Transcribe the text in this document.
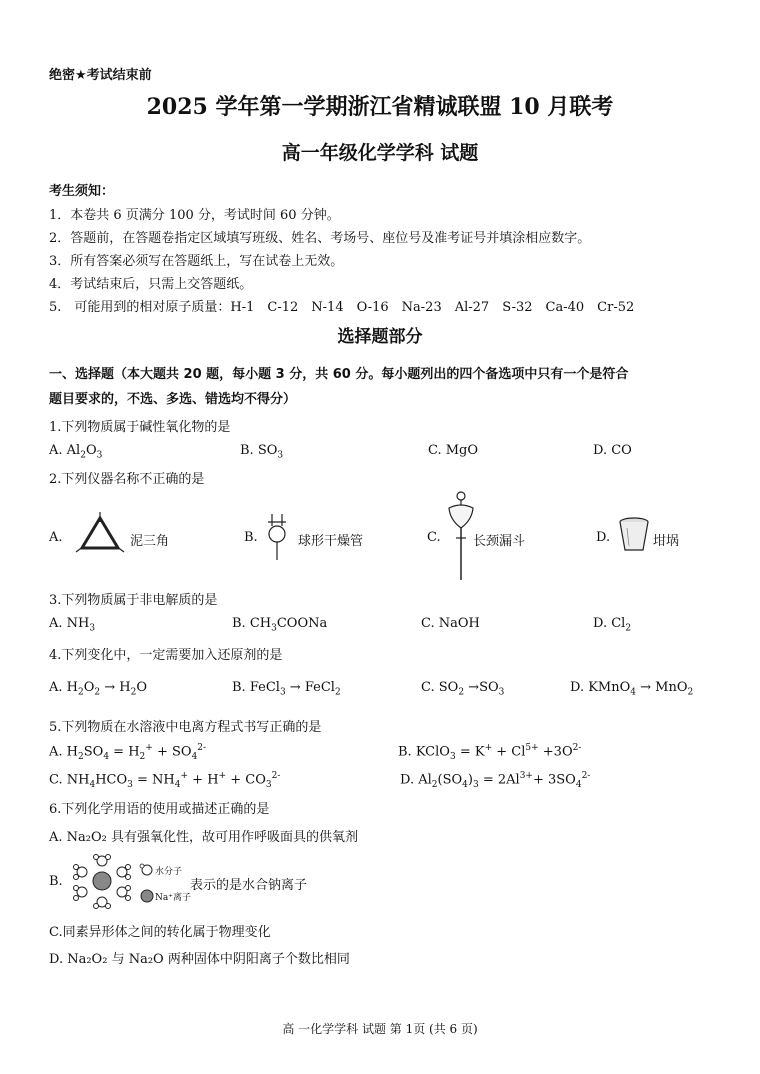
绝密★考试结束前
2025 学年第一学期浙江省精诚联盟 10 月联考
高一年级化学学科 试题
考生须知：
1．本卷共 6 页满分 100 分，考试时间 60 分钟。
2．答题前，在答题卷指定区域填写班级、姓名、考场号、座位号及准考证号并填涂相应数字。
3．所有答案必须写在答题纸上，写在试卷上无效。
4．考试结束后，只需上交答题纸。
5.　可能用到的相对原子质量：H-1　C-12　N-14　O-16　Na-23　Al-27　S-32　Ca-40　Cr-52
选择题部分
一、选择题（本大题共 20 题，每小题 3 分，共 60 分。每小题列出的四个备选项中只有一个是符合
题目要求的，不选、多选、错选均不得分）
1.下列物质属于碱性氧化物的是
A. $Al_2O_3$	B. $SO_3$	C. MgO	D. CO
2.下列仪器名称不正确的是
A.	泥三角	B.	球形干燥管	C. 长颈漏斗	D.	坩埚
3.下列物质属于非电解质的是
A. $NH_3$	B. $CH_3COONa$	C. NaOH	D. $Cl_2$
4.下列变化中，一定需要加入还原剂的是
A. $H_2O_2 \to H_2O$	B. FeCl$_3$ → FeCl$_2$	C. $SO_2 \to SO_3$	D. KMnO$_4$ → MnO$_2$
5.下列物质在水溶液中电离方程式书写正确的是
A. $H_2SO_4 = H_2^+ + SO_4^{2-}$	B. KClO$_3$ = $K^+ + Cl^{5+} +3O^{2-}$
C. $NH_4HCO_3 = NH_4^+ + H^+ + CO_3^{2-}$	D. $Al_2(SO_4)_3 = 2Al^{3+}+ 3SO_4^{2-}$
6.下列化学用语的使用或描述正确的是
A. Na₂O₂ 具有强氧化性，故可用作呼吸面具的供氧剂
B.
水分子
Na⁺离子
表示的是水合钠离子
C.同素异形体之间的转化属于物理变化
D. Na₂O₂ 与 Na₂O 两种固体中阴阳离子个数比相同
高 一化学学科 试题 第 1页 (共 6 页)
